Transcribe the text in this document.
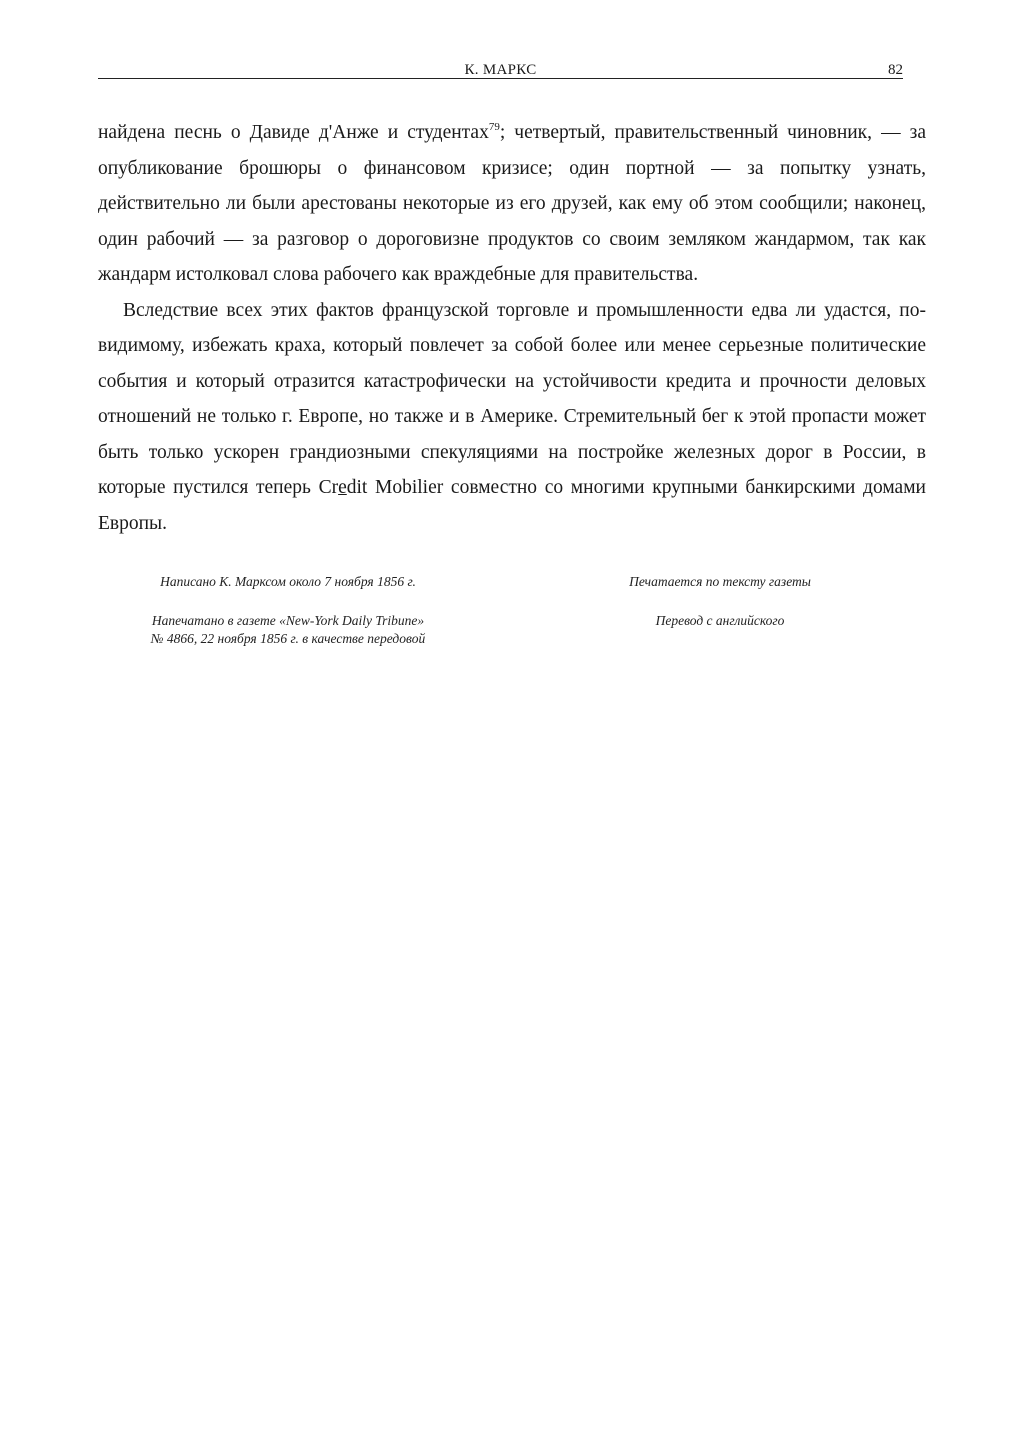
К. МАРКС	82

найдена песнь о Давиде д'Анже и студентах$^{79}$; четвертый, правительственный чиновник, — за опубликование брошюры о финансовом кризисе; один портной — за попытку узнать, действительно ли были арестованы некоторые из его друзей, как ему об этом сообщили; наконец, один рабочий — за разговор о дороговизне продуктов со своим земляком жандармом, так как жандарм истолковал слова рабочего как враждебные для правительства.

Вследствие всех этих фактов французской торговле и промышленности едва ли удастся, по-видимому, избежать краха, который повлечет за собой более или менее серьезные политические события и который отразится катастрофически на устойчивости кредита и прочности деловых отношений не только г. Европе, но также и в Америке. Стремительный бег к этой пропасти может быть только ускорен грандиозными спекуляциями на постройке железных дорог в России, в которые пустился теперь Credit Mobilier совместно со многими крупными банкирскими домами Европы.

Написано К. Марксом около 7 ноября 1856 г.
Напечатано в газете «New-York Daily Tribune»
№ 4866, 22 ноября 1856 г. в качестве передовой
Печатается по тексту газеты
Перевод с английского
